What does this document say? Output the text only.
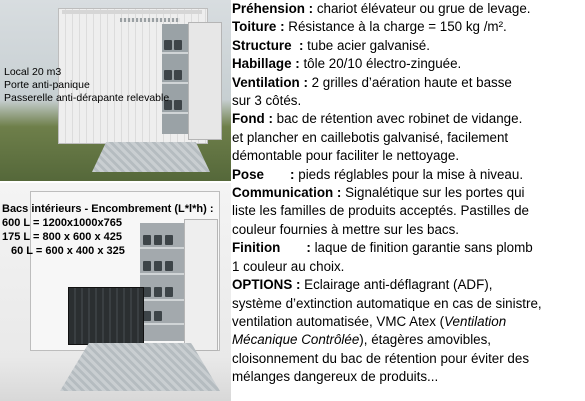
Local 20 m3
Porte anti-panique
Passerelle anti-dérapante relevable
Bacs intérieurs - Encombrement (L*l*h) :
600 L = 1200x1000x765
175 L = 800 x 600 x 425
60 L = 600 x 400 x 325

Préhension : chariot élévateur ou grue de levage.

Toiture : Résistance à la charge = 150 kg /m².

Structure  : tube acier galvanisé.

Habillage : tôle 20/10 électro-zinguée.

Ventilation : 2 grilles d’aération haute et basse
sur 3 côtés.

Fond : bac de rétention avec robinet de vidange.
et plancher en caillebotis galvanisé, facilement
démontable pour faciliter le nettoyage.

Pose       : pieds réglables pour la mise à niveau.

Communication : Signalétique sur les portes qui
liste les familles de produits acceptés. Pastilles de
couleur fournies à mettre sur les bacs.

Finition       : laque de finition garantie sans plomb
1 couleur au choix.

OPTIONS : Eclairage anti-déflagrant (ADF),
système d’extinction automatique en cas de sinistre,
ventilation automatisée, VMC Atex (Ventilation
Mécanique Contrôlée), étagères amovibles,
cloisonnement du bac de rétention pour éviter des
mélanges dangereux de produits...
